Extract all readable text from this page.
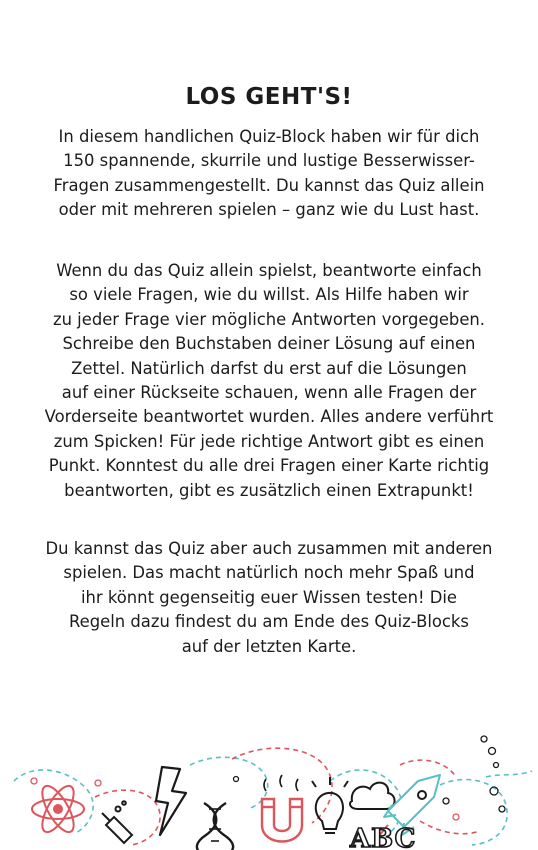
LOS GEHT'S!

In diesem handlichen Quiz-Block haben wir für dich
150 spannende, skurrile und lustige Besserwisser-
Fragen zusammengestellt. Du kannst das Quiz allein
oder mit mehreren spielen – ganz wie du Lust hast.

Wenn du das Quiz allein spielst, beantworte einfach
so viele Fragen, wie du willst. Als Hilfe haben wir
zu jeder Frage vier mögliche Antworten vorgegeben.
Schreibe den Buchstaben deiner Lösung auf einen
Zettel. Natürlich darfst du erst auf die Lösungen
auf einer Rückseite schauen, wenn alle Fragen der
Vorderseite beantwortet wurden. Alles andere verführt
zum Spicken! Für jede richtige Antwort gibt es einen
Punkt. Konntest du alle drei Fragen einer Karte richtig
beantworten, gibt es zusätzlich einen Extrapunkt!

Du kannst das Quiz aber auch zusammen mit anderen
spielen. Das macht natürlich noch mehr Spaß und
ihr könnt gegenseitig euer Wissen testen! Die
Regeln dazu findest du am Ende des Quiz-Blocks
auf der letzten Karte.

ABC
